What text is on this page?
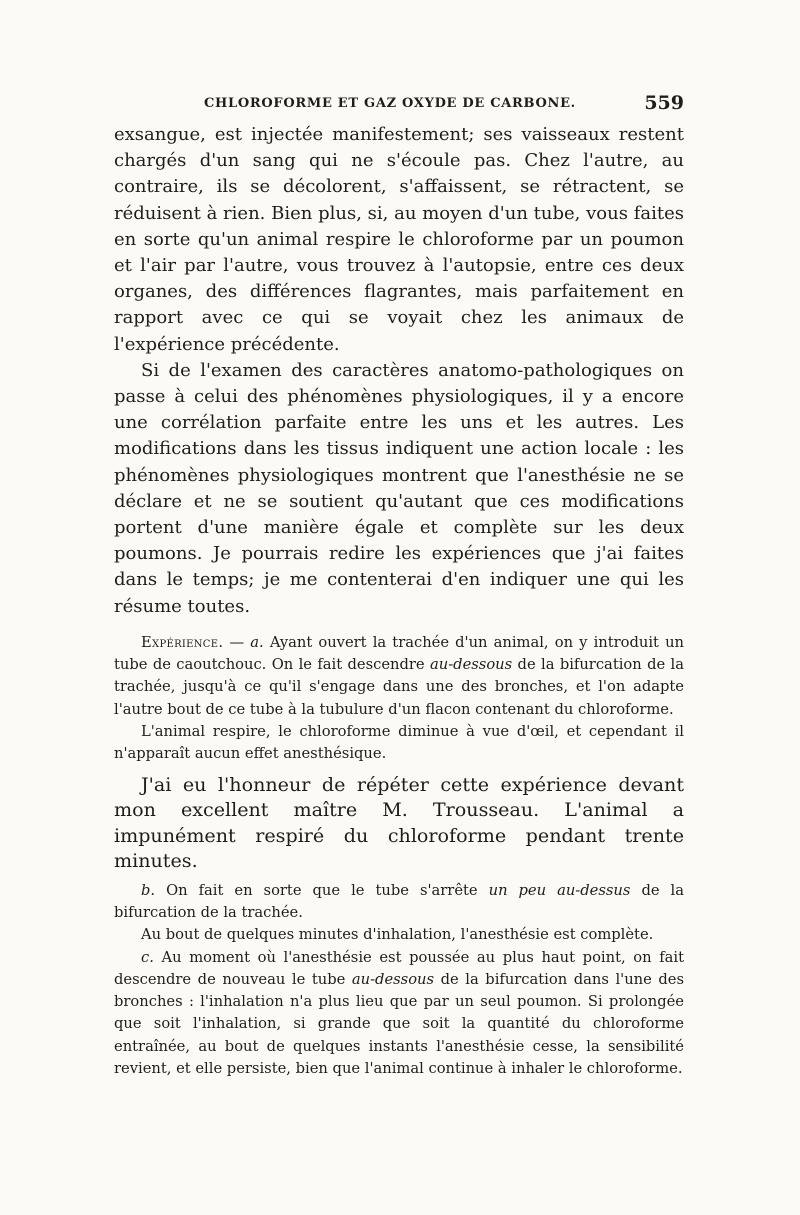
CHLOROFORME ET GAZ OXYDE DE CARBONE.	559

exsangue, est injectée manifestement; ses vaisseaux restent chargés d'un sang qui ne s'écoule pas. Chez l'autre, au contraire, ils se décolorent, s'affaissent, se rétractent, se réduisent à rien. Bien plus, si, au moyen d'un tube, vous faites en sorte qu'un animal respire le chloroforme par un poumon et l'air par l'autre, vous trouvez à l'autopsie, entre ces deux organes, des différences flagrantes, mais parfaitement en rapport avec ce qui se voyait chez les animaux de l'expérience précédente.

Si de l'examen des caractères anatomo-pathologiques on passe à celui des phénomènes physiologiques, il y a encore une corrélation parfaite entre les uns et les autres. Les modifications dans les tissus indiquent une action locale : les phénomènes physiologiques montrent que l'anesthésie ne se déclare et ne se soutient qu'autant que ces modifications portent d'une manière égale et complète sur les deux poumons. Je pourrais redire les expériences que j'ai faites dans le temps; je me contenterai d'en indiquer une qui les résume toutes.

Expérience. — a. Ayant ouvert la trachée d'un animal, on y introduit un tube de caoutchouc. On le fait descendre au-dessous de la bifurcation de la trachée, jusqu'à ce qu'il s'engage dans une des bronches, et l'on adapte l'autre bout de ce tube à la tubulure d'un flacon contenant du chloroforme.

L'animal respire, le chloroforme diminue à vue d'œil, et cependant il n'apparaît aucun effet anesthésique.

J'ai eu l'honneur de répéter cette expérience devant mon excellent maître M. Trousseau. L'animal a impunément respiré du chloroforme pendant trente minutes.

b. On fait en sorte que le tube s'arrête un peu au-dessus de la bifurcation de la trachée.

Au bout de quelques minutes d'inhalation, l'anesthésie est complète.

c. Au moment où l'anesthésie est poussée au plus haut point, on fait descendre de nouveau le tube au-dessous de la bifurcation dans l'une des bronches : l'inhalation n'a plus lieu que par un seul poumon. Si prolongée que soit l'inhalation, si grande que soit la quantité du chloroforme entraînée, au bout de quelques instants l'anesthésie cesse, la sensibilité revient, et elle persiste, bien que l'animal continue à inhaler le chloroforme.
